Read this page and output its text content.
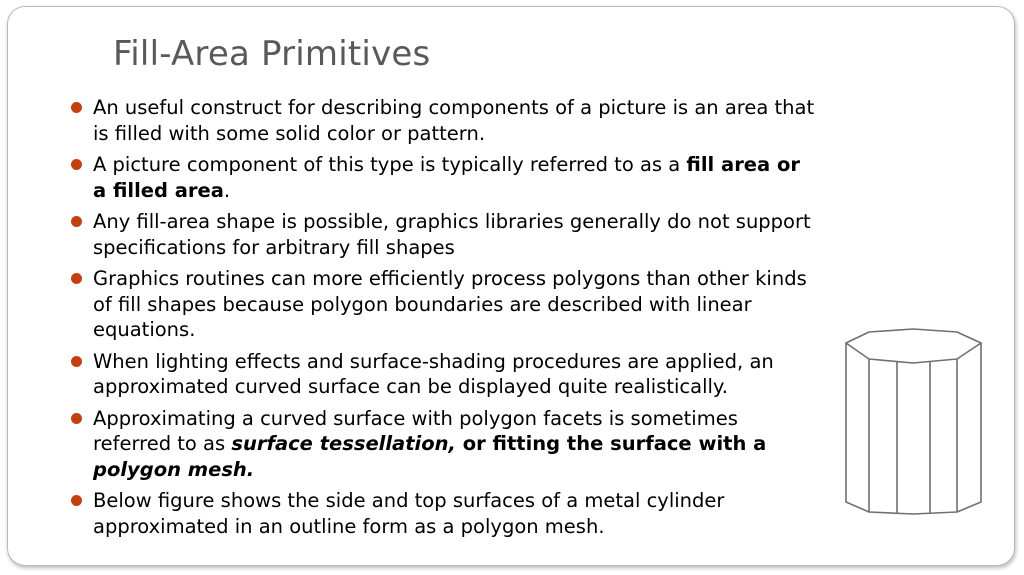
Fill-Area Primitives
An useful construct for describing components of a picture is an area that is filled with some solid color or pattern.
A picture component of this type is typically referred to as a fill area or a filled area.
Any fill-area shape is possible, graphics libraries generally do not support specifications for arbitrary fill shapes
Graphics routines can more efficiently process polygons than other kinds of fill shapes because polygon boundaries are described with linear equations.
When lighting effects and surface-shading procedures are applied, an approximated curved surface can be displayed quite realistically.
Approximating a curved surface with polygon facets is sometimes referred to as surface tessellation, or fitting the surface with a polygon mesh.
Below figure shows the side and top surfaces of a metal cylinder approximated in an outline form as a polygon mesh.
